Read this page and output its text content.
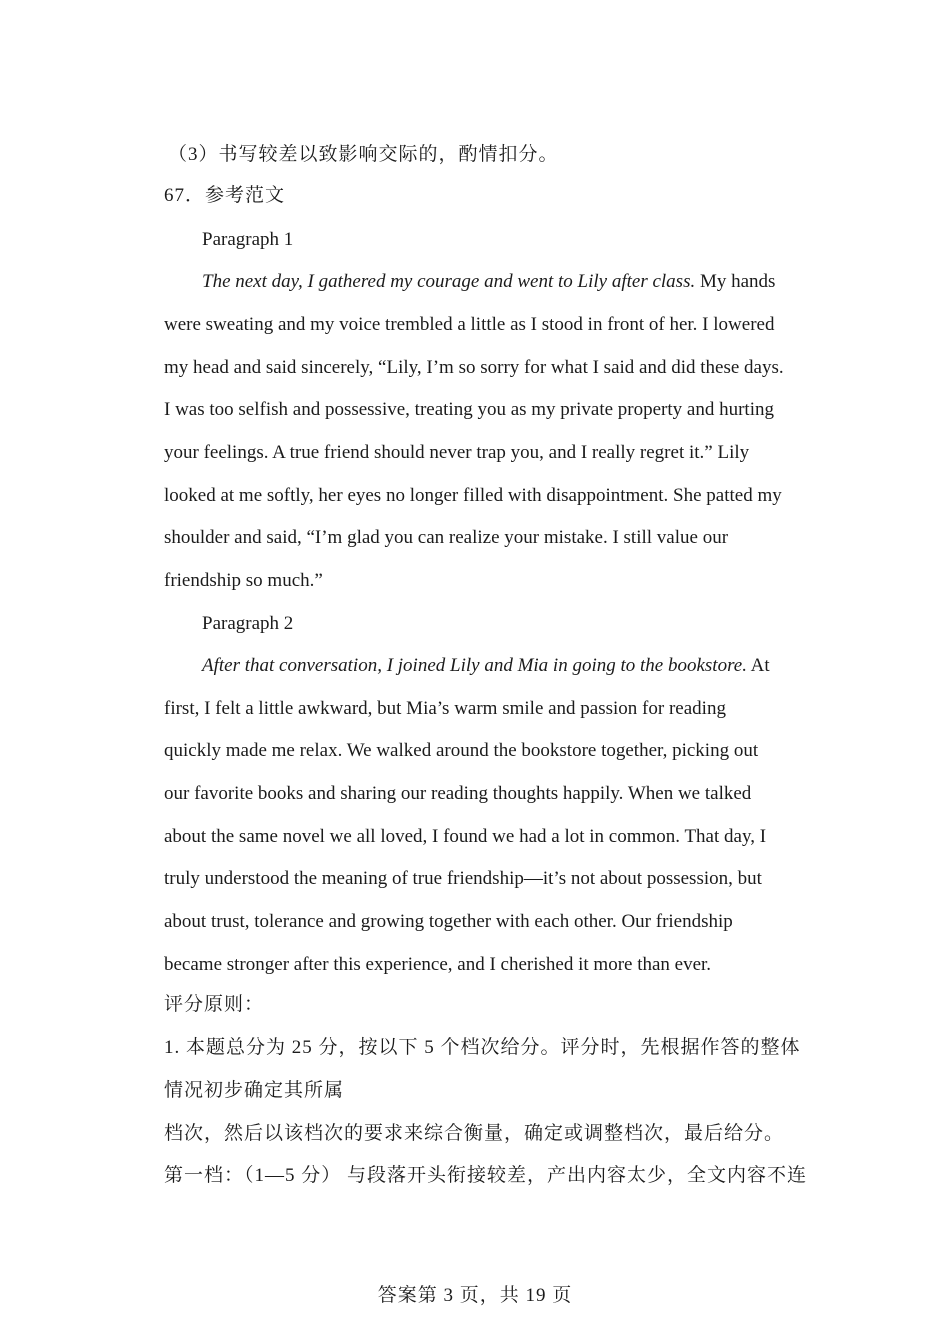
（3）书写较差以致影响交际的，酌情扣分。
67．参考范文
Paragraph 1
The next day, I gathered my courage and went to Lily after class. My hands
were sweating and my voice trembled a little as I stood in front of her. I lowered
my head and said sincerely, “Lily, I’m so sorry for what I said and did these days.
I was too selfish and possessive, treating you as my private property and hurting
your feelings. A true friend should never trap you, and I really regret it.” Lily
looked at me softly, her eyes no longer filled with disappointment. She patted my
shoulder and said, “I’m glad you can realize your mistake. I still value our
friendship so much.”
Paragraph 2
After that conversation, I joined Lily and Mia in going to the bookstore. At
first, I felt a little awkward, but Mia’s warm smile and passion for reading
quickly made me relax. We walked around the bookstore together, picking out
our favorite books and sharing our reading thoughts happily. When we talked
about the same novel we all loved, I found we had a lot in common. That day, I
truly understood the meaning of true friendship—it’s not about possession, but
about trust, tolerance and growing together with each other. Our friendship
became stronger after this experience, and I cherished it more than ever.
评分原则：
1. 本题总分为 25 分，按以下 5 个档次给分。评分时，先根据作答的整体
情况初步确定其所属
档次，然后以该档次的要求来综合衡量，确定或调整档次，最后给分。
第一档：（1—5 分） 与段落开头衔接较差，产出内容太少，全文内容不连
答案第 3 页，共 19 页
